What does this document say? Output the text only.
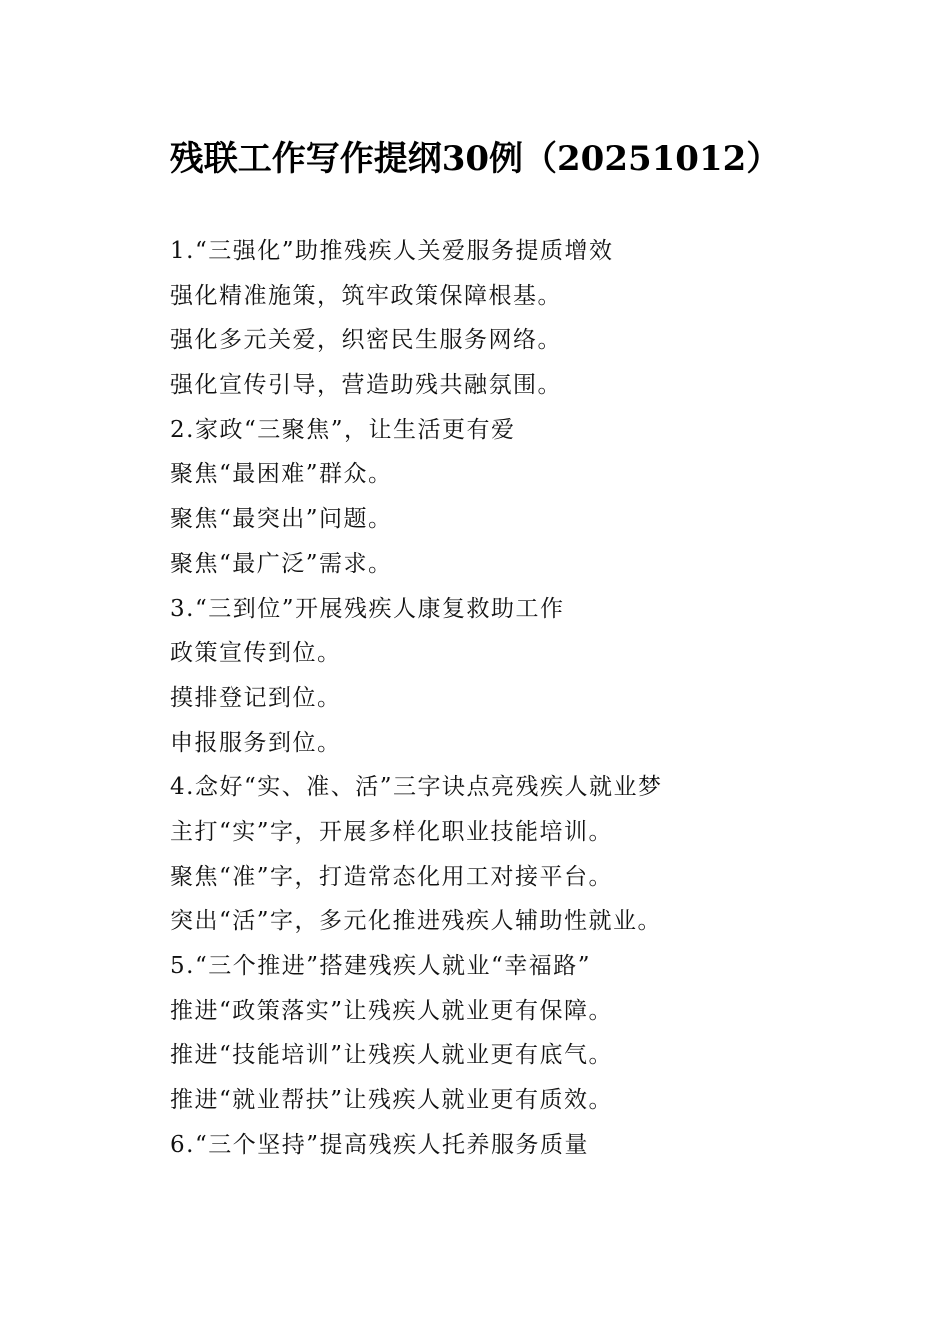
残联工作写作提纲30例（20251012）
1.“三强化”助推残疾人关爱服务提质增效
强化精准施策，筑牢政策保障根基。
强化多元关爱，织密民生服务网络。
强化宣传引导，营造助残共融氛围。
2.家政“三聚焦”，让生活更有爱
聚焦“最困难”群众。
聚焦“最突出”问题。
聚焦“最广泛”需求。
3.“三到位”开展残疾人康复救助工作
政策宣传到位。
摸排登记到位。
申报服务到位。
4.念好“实、准、活”三字诀点亮残疾人就业梦
主打“实”字，开展多样化职业技能培训。
聚焦“准”字，打造常态化用工对接平台。
突出“活”字，多元化推进残疾人辅助性就业。
5.“三个推进”搭建残疾人就业“幸福路”
推进“政策落实”让残疾人就业更有保障。
推进“技能培训”让残疾人就业更有底气。
推进“就业帮扶”让残疾人就业更有质效。
6.“三个坚持”提高残疾人托养服务质量
